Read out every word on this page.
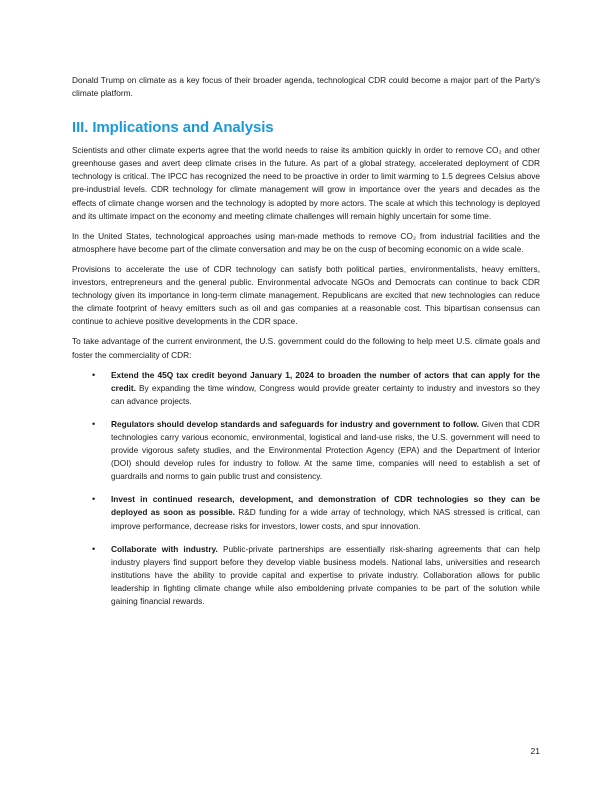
Donald Trump on climate as a key focus of their broader agenda, technological CDR could become a major part of the Party's climate platform.

III. Implications and Analysis

Scientists and other climate experts agree that the world needs to raise its ambition quickly in order to remove CO₂ and other greenhouse gases and avert deep climate crises in the future. As part of a global strategy, accelerated deployment of CDR technology is critical. The IPCC has recognized the need to be proactive in order to limit warming to 1.5 degrees Celsius above pre-industrial levels. CDR technology for climate management will grow in importance over the years and decades as the effects of climate change worsen and the technology is adopted by more actors. The scale at which this technology is deployed and its ultimate impact on the economy and meeting climate challenges will remain highly uncertain for some time.

In the United States, technological approaches using man-made methods to remove CO₂ from industrial facilities and the atmosphere have become part of the climate conversation and may be on the cusp of becoming economic on a wide scale.

Provisions to accelerate the use of CDR technology can satisfy both political parties, environmentalists, heavy emitters, investors, entrepreneurs and the general public. Environmental advocate NGOs and Democrats can continue to back CDR technology given its importance in long-term climate management. Republicans are excited that new technologies can reduce the climate footprint of heavy emitters such as oil and gas companies at a reasonable cost. This bipartisan consensus can continue to achieve positive developments in the CDR space.

To take advantage of the current environment, the U.S. government could do the following to help meet U.S. climate goals and foster the commerciality of CDR:

• Extend the 45Q tax credit beyond January 1, 2024 to broaden the number of actors that can apply for the credit. By expanding the time window, Congress would provide greater certainty to industry and investors so they can advance projects.
• Regulators should develop standards and safeguards for industry and government to follow. Given that CDR technologies carry various economic, environmental, logistical and land-use risks, the U.S. government will need to provide vigorous safety studies, and the Environmental Protection Agency (EPA) and the Department of Interior (DOI) should develop rules for industry to follow. At the same time, companies will need to establish a set of guardrails and norms to gain public trust and consistency.
• Invest in continued research, development, and demonstration of CDR technologies so they can be deployed as soon as possible. R&D funding for a wide array of technology, which NAS stressed is critical, can improve performance, decrease risks for investors, lower costs, and spur innovation.
• Collaborate with industry. Public-private partnerships are essentially risk-sharing agreements that can help industry players find support before they develop viable business models. National labs, universities and research institutions have the ability to provide capital and expertise to private industry. Collaboration allows for public leadership in fighting climate change while also emboldening private companies to be part of the solution while gaining financial rewards.
21
